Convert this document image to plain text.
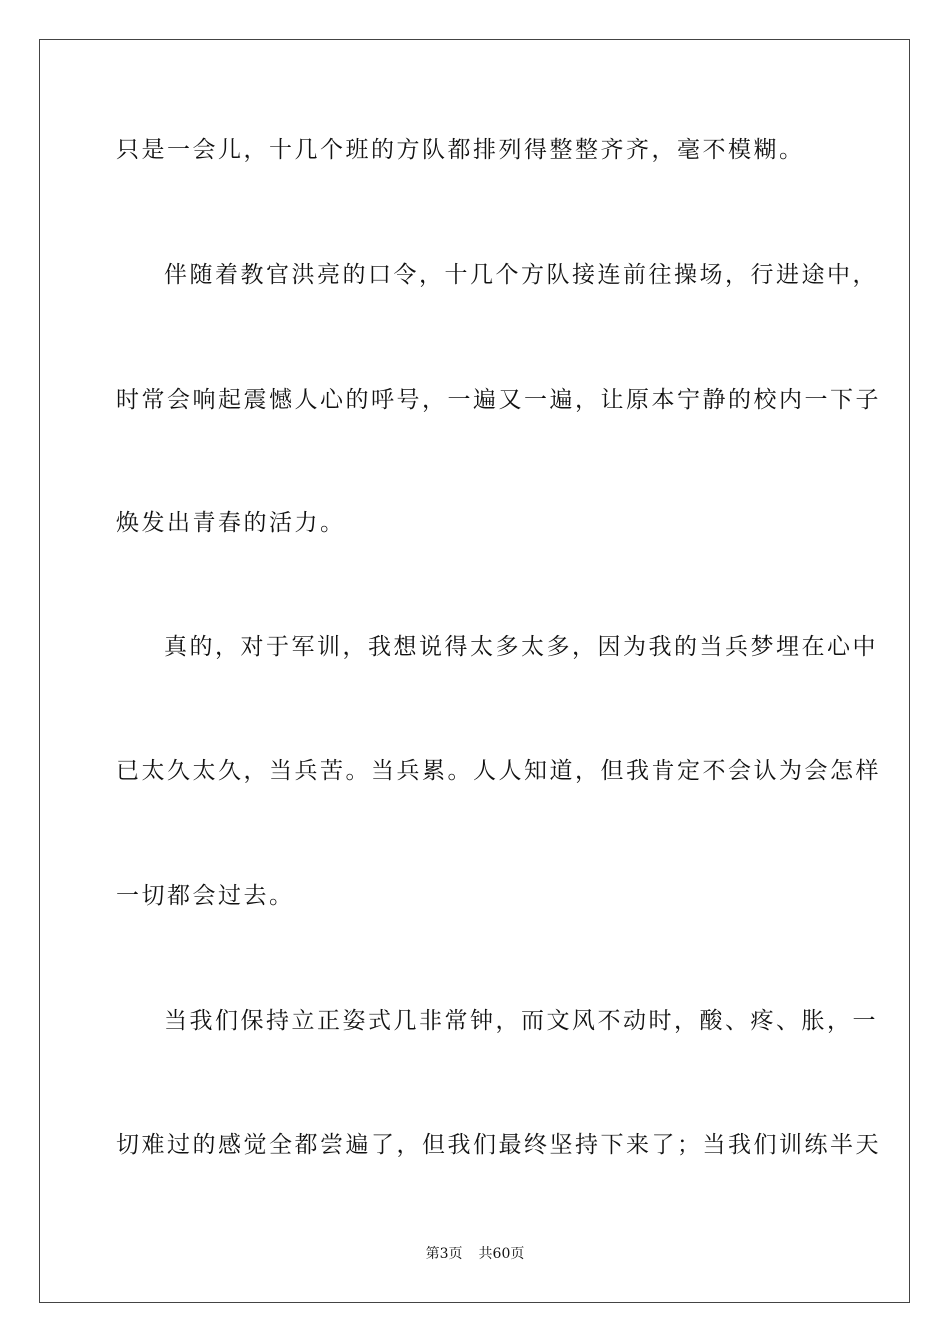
只是一会儿，十几个班的方队都排列得整整齐齐，毫不模糊。
伴随着教官洪亮的口令，十几个方队接连前往操场，行进途中，
时常会响起震憾人心的呼号，一遍又一遍，让原本宁静的校内一下子
焕发出青春的活力。
真的，对于军训，我想说得太多太多，因为我的当兵梦埋在心中
已太久太久，当兵苦。当兵累。人人知道，但我肯定不会认为会怎样
一切都会过去。
当我们保持立正姿式几非常钟，而文风不动时，酸、疼、胀，一
切难过的感觉全都尝遍了，但我们最终坚持下来了；当我们训练半天
第3页 共60页
